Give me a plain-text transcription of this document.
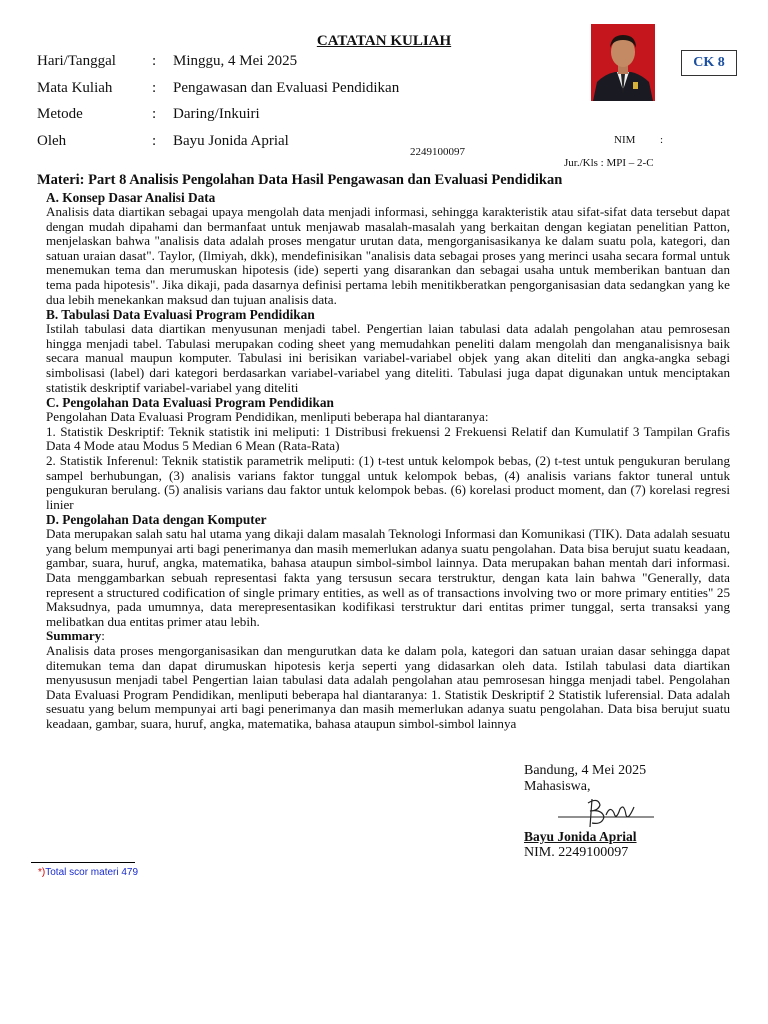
CATATAN KULIAH
Hari/Tanggal : Minggu, 4 Mei 2025
Mata Kuliah	: Pengawasan dan Evaluasi Pendidikan
Metode	: Daring/Inkuiri
Oleh	: Bayu Jonida Aprial	NIM :
2249100097
Jur./Kls : MPI – 2-C
CK 8
Materi: Part 8 Analisis Pengolahan Data Hasil Pengawasan dan Evaluasi Pendidikan
A. Konsep Dasar Analisi Data

Analisis data diartikan sebagai upaya mengolah data menjadi informasi, sehingga karakteristik atau sifat-sifat data tersebut dapat dengan mudah dipahami dan bermanfaat untuk menjawab masalah-masalah yang berkaitan dengan kegiatan penelitian Patton, menjelaskan bahwa "analisis data adalah proses mengatur urutan data, mengorganisasikanya ke dalam suatu pola, kategori, dan satuan uraian dasat". Taylor, (Ilmiyah, dkk), mendefinisikan "analisis data sebagai proses yang merinci usaha secara formal untuk menemukan tema dan merumuskan hipotesis (ide) seperti yang disarankan dan sebagai usaha untuk memberikan bantuan dan tema pada hipotesis". Jika dikaji, pada dasarnya definisi pertama lebih menitikberatkan pengorganisasian data sedangkan yang ke dua lebih menekankan maksud dan tujuan analisis data.

B. Tabulasi Data Evaluasi Program Pendidikan

Istilah tabulasi data diartikan menyusunan menjadi tabel. Pengertian laian tabulasi data adalah pengolahan atau pemrosesan hingga menjadi tabel. Tabulasi merupakan coding sheet yang memudahkan peneliti dalam mengolah dan menganalisisnya baik secara manual maupun komputer. Tabulasi ini berisikan variabel-variabel objek yang akan diteliti dan angka-angka sebagi simbolisasi (label) dari kategori berdasarkan variabel-variabel yang diteliti. Tabulasi juga dapat digunakan untuk menciptakan statistik deskriptif variabel-variabel yang diteliti

C. Pengolahan Data Evaluasi Program Pendidikan

Pengolahan Data Evaluasi Program Pendidikan, menliputi beberapa hal diantaranya:

1. Statistik Deskriptif: Teknik statistik ini meliputi: 1 Distribusi frekuensi 2 Frekuensi Relatif dan Kumulatif 3 Tampilan Grafis Data 4 Mode atau Modus 5 Median 6 Mean (Rata-Rata)

2. Statistik Inferenul: Teknik statistik parametrik meliputi: (1) t-test untuk kelompok bebas, (2) t-test untuk pengukuran berulang sampel berhubungan, (3) analisis varians faktor tunggal untuk kelompok bebas, (4) analisis varians faktor tuneral untuk pengukuran berulang. (5) analisis varians dau faktor untuk kelompok bebas. (6) korelasi product moment, dan (7) korelasi regresi linier

D. Pengolahan Data dengan Komputer

Data merupakan salah satu hal utama yang dikaji dalam masalah Teknologi Informasi dan Komunikasi (TIK). Data adalah sesuatu yang belum mempunyai arti bagi penerimanya dan masih memerlukan adanya suatu pengolahan. Data bisa berujut suatu keadaan, gambar, suara, huruf, angka, matematika, bahasa ataupun simbol-simbol lainnya. Data merupakan bahan mentah dari informasi. Data menggambarkan sebuah representasi fakta yang tersusun secara terstruktur, dengan kata lain bahwa "Generally, data represent a structured codification of single primary entities, as well as of transactions involving two or more primary entities" 25 Maksudnya, pada umumnya, data merepresentasikan kodifikasi terstruktur dari entitas primer tunggal, serta transaksi yang melibatkan dua entitas primer atau lebih.

Summary:

Analisis data proses mengorganisasikan dan mengurutkan data ke dalam pola, kategori dan satuan uraian dasar sehingga dapat ditemukan tema dan dapat dirumuskan hipotesis kerja seperti yang didasarkan oleh data. Istilah tabulasi data diartikan menyususun menjadi tabel Pengertian laian tabulasi data adalah pengolahan atau pemrosesan hingga menjadi tabel. Pengolahan Data Evaluasi Program Pendidikan, menliputi beberapa hal diantaranya: 1. Statistik Deskriptif 2 Statistik luferensial. Data adalah sesuatu yang belum mempunyai arti bagi penerimanya dan masih memerlukan adanya suatu pengolahan. Data bisa berujut suatu keadaan, gambar, suara, huruf, angka, matematika, bahasa ataupun simbol-simbol lainnya

Bandung, 4 Mei 2025
Mahasiswa,
Bayu Jonida Aprial
NIM. 2249100097
*)Total scor materi 479
